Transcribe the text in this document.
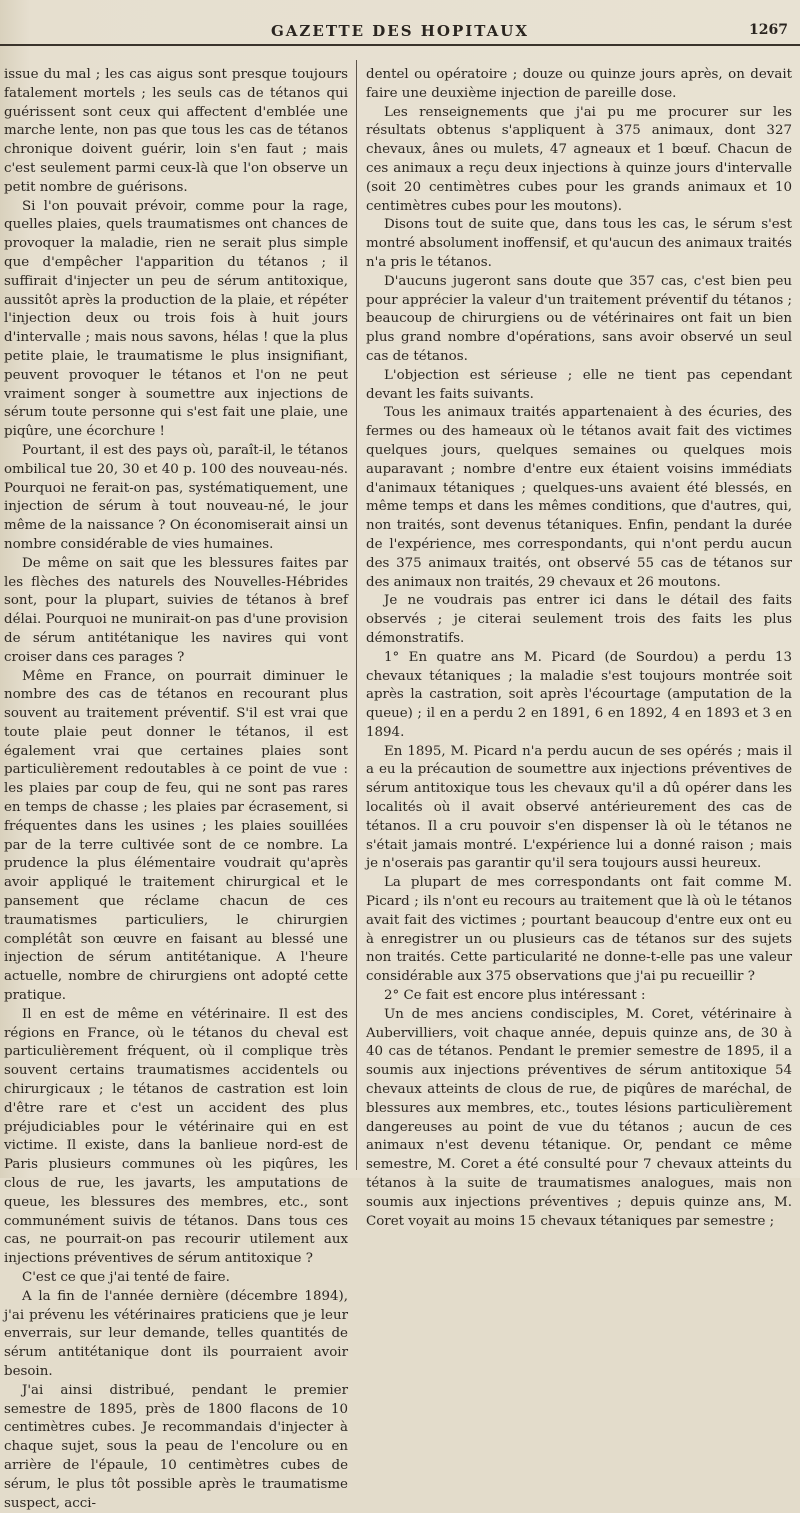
GAZETTE DES HOPITAUX	1267

issue du mal ; les cas aigus sont presque toujours fatalement mortels ; les seuls cas de tétanos qui guérissent sont ceux qui affectent d'emblée une marche lente, non pas que tous les cas de tétanos chronique doivent guérir, loin s'en faut ; mais c'est seulement parmi ceux-là que l'on observe un petit nombre de guérisons.

Si l'on pouvait prévoir, comme pour la rage, quelles plaies, quels traumatismes ont chances de provoquer la maladie, rien ne serait plus simple que d'empêcher l'apparition du tétanos ; il suffirait d'injecter un peu de sérum antitoxique, aussitôt après la production de la plaie, et répéter l'injection deux ou trois fois à huit jours d'intervalle ; mais nous savons, hélas ! que la plus petite plaie, le traumatisme le plus insignifiant, peuvent provoquer le tétanos et l'on ne peut vraiment songer à soumettre aux injections de sérum toute personne qui s'est fait une plaie, une piqûre, une écorchure !

Pourtant, il est des pays où, paraît-il, le tétanos ombilical tue 20, 30 et 40 p. 100 des nouveau-nés. Pourquoi ne ferait-on pas, systématiquement, une injection de sérum à tout nouveau-né, le jour même de la naissance ? On économiserait ainsi un nombre considérable de vies humaines.

De même on sait que les blessures faites par les flèches des naturels des Nouvelles-Hébrides sont, pour la plupart, suivies de tétanos à bref délai. Pourquoi ne munirait-on pas d'une provision de sérum antitétanique les navires qui vont croiser dans ces parages ?

Même en France, on pourrait diminuer le nombre des cas de tétanos en recourant plus souvent au traitement préventif. S'il est vrai que toute plaie peut donner le tétanos, il est également vrai que certaines plaies sont particulièrement redoutables à ce point de vue : les plaies par coup de feu, qui ne sont pas rares en temps de chasse ; les plaies par écrasement, si fréquentes dans les usines ; les plaies souillées par de la terre cultivée sont de ce nombre. La prudence la plus élémentaire voudrait qu'après avoir appliqué le traitement chirurgical et le pansement que réclame chacun de ces traumatismes particuliers, le chirurgien complétât son œuvre en faisant au blessé une injection de sérum antitétanique. A l'heure actuelle, nombre de chirurgiens ont adopté cette pratique.

Il en est de même en vétérinaire. Il est des régions en France, où le tétanos du cheval est particulièrement fréquent, où il complique très souvent certains traumatismes accidentels ou chirurgicaux ; le tétanos de castration est loin d'être rare et c'est un accident des plus préjudiciables pour le vétérinaire qui en est victime. Il existe, dans la banlieue nord-est de Paris plusieurs communes où les piqûres, les clous de rue, les javarts, les amputations de queue, les blessures des membres, etc., sont communément suivis de tétanos. Dans tous ces cas, ne pourrait-on pas recourir utilement aux injections préventives de sérum antitoxique ?

C'est ce que j'ai tenté de faire.

A la fin de l'année dernière (décembre 1894), j'ai prévenu les vétérinaires praticiens que je leur enverrais, sur leur demande, telles quantités de sérum antitétanique dont ils pourraient avoir besoin.

J'ai ainsi distribué, pendant le premier semestre de 1895, près de 1800 flacons de 10 centimètres cubes. Je recommandais d'injecter à chaque sujet, sous la peau de l'encolure ou en arrière de l'épaule, 10 centimètres cubes de sérum, le plus tôt possible après le traumatisme suspect, acci-

dentel ou opératoire ; douze ou quinze jours après, on devait faire une deuxième injection de pareille dose.

Les renseignements que j'ai pu me procurer sur les résultats obtenus s'appliquent à 375 animaux, dont 327 chevaux, ânes ou mulets, 47 agneaux et 1 bœuf. Chacun de ces animaux a reçu deux injections à quinze jours d'intervalle (soit 20 centimètres cubes pour les grands animaux et 10 centimètres cubes pour les moutons).

Disons tout de suite que, dans tous les cas, le sérum s'est montré absolument inoffensif, et qu'aucun des animaux traités n'a pris le tétanos.

D'aucuns jugeront sans doute que 357 cas, c'est bien peu pour apprécier la valeur d'un traitement préventif du tétanos ; beaucoup de chirurgiens ou de vétérinaires ont fait un bien plus grand nombre d'opérations, sans avoir observé un seul cas de tétanos.

L'objection est sérieuse ; elle ne tient pas cependant devant les faits suivants.

Tous les animaux traités appartenaient à des écuries, des fermes ou des hameaux où le tétanos avait fait des victimes quelques jours, quelques semaines ou quelques mois auparavant ; nombre d'entre eux étaient voisins immédiats d'animaux tétaniques ; quelques-uns avaient été blessés, en même temps et dans les mêmes conditions, que d'autres, qui, non traités, sont devenus tétaniques. Enfin, pendant la durée de l'expérience, mes correspondants, qui n'ont perdu aucun des 375 animaux traités, ont observé 55 cas de tétanos sur des animaux non traités, 29 chevaux et 26 moutons.

Je ne voudrais pas entrer ici dans le détail des faits observés ; je citerai seulement trois des faits les plus démonstratifs.

1° En quatre ans M. Picard (de Sourdou) a perdu 13 chevaux tétaniques ; la maladie s'est toujours montrée soit après la castration, soit après l'écourtage (amputation de la queue) ; il en a perdu 2 en 1891, 6 en 1892, 4 en 1893 et 3 en 1894.

En 1895, M. Picard n'a perdu aucun de ses opérés ; mais il a eu la précaution de soumettre aux injections préventives de sérum antitoxique tous les chevaux qu'il a dû opérer dans les localités où il avait observé antérieurement des cas de tétanos. Il a cru pouvoir s'en dispenser là où le tétanos ne s'était jamais montré. L'expérience lui a donné raison ; mais je n'oserais pas garantir qu'il sera toujours aussi heureux.

La plupart de mes correspondants ont fait comme M. Picard ; ils n'ont eu recours au traitement que là où le tétanos avait fait des victimes ; pourtant beaucoup d'entre eux ont eu à enregistrer un ou plusieurs cas de tétanos sur des sujets non traités. Cette particularité ne donne-t-elle pas une valeur considérable aux 375 observations que j'ai pu recueillir ?

2° Ce fait est encore plus intéressant :

Un de mes anciens condisciples, M. Coret, vétérinaire à Aubervilliers, voit chaque année, depuis quinze ans, de 30 à 40 cas de tétanos. Pendant le premier semestre de 1895, il a soumis aux injections préventives de sérum antitoxique 54 chevaux atteints de clous de rue, de piqûres de maréchal, de blessures aux membres, etc., toutes lésions particulièrement dangereuses au point de vue du tétanos ; aucun de ces animaux n'est devenu tétanique. Or, pendant ce même semestre, M. Coret a été consulté pour 7 chevaux atteints du tétanos à la suite de traumatismes analogues, mais non soumis aux injections préventives ; depuis quinze ans, M. Coret voyait au moins 15 chevaux tétaniques par semestre ;
